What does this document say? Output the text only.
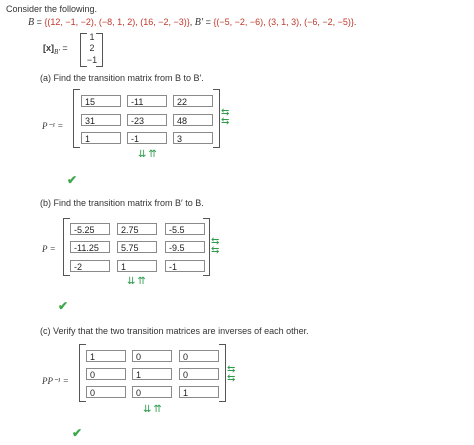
Consider the following.
B = {(12, −1, −2), (−8, 1, 2), (16, −2, −3)}, B′ = {(−5, −2, −6), (3, 1, 3), (−6, −2, −5)}.
$[x]_{B'}$ =
1
2
−1
(a) Find the transition matrix from B to B′.
P⁻¹ =
15	-11	22
31	-23	48
1	-1	3
⇆
⇆
⇊⇈
✔
(b) Find the transition matrix from B′ to B.
P =
-5.25	2.75	-5.5
-11.25	5.75	-9.5
-2	1	-1
⇆
⇆
⇊⇈
✔
(c) Verify that the two transition matrices are inverses of each other.
PP⁻¹ =
1	0	0
0	1	0
0	0	1
⇆
⇆
⇊⇈
✔
